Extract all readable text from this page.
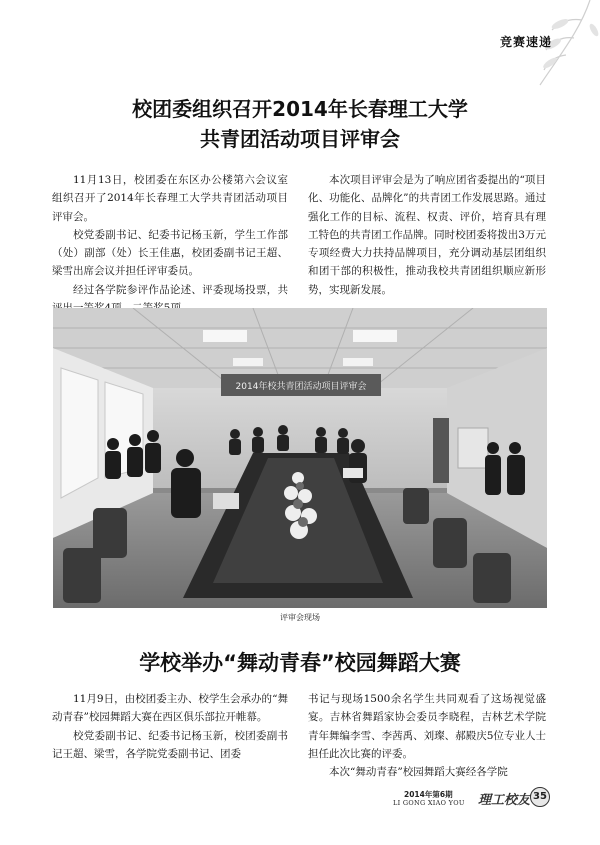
竞赛速递
校团委组织召开2014年长春理工大学
共青团活动项目评审会

11月13日，校团委在东区办公楼第六会议室组织召开了2014年长春理工大学共青团活动项目评审会。

校党委副书记、纪委书记杨玉新，学生工作部（处）副部（处）长王佳惠，校团委副书记王超、梁雪出席会议并担任评审委员。

经过各学院参评作品论述、评委现场投票，共

本次项目评审会是为了响应团省委提出的“项目化、功能化、品牌化”的共青团工作发展思路。通过强化工作的目标、流程、权责、评价，培育具有理工特色的共青团工作品牌。同时校团委将拨出3万元专项经费大力扶持品牌项目，充分调动基层团组织和团干部的积极性，推动我校共青团组织顺应新形势，实现新发展。

2014年校共青团活动项目评审会
评审会现场
学校举办“舞动青春”校园舞蹈大赛

11月9日，由校团委主办、校学生会承办的“舞动青春”校园舞蹈大赛在西区俱乐部拉开帷幕。

校党委副书记、纪委书记杨玉新，校团委副书记王超、梁雪，各学院党委副书记、团委

书记与现场1500余名学生共同观看了这场视觉盛宴。吉林省舞蹈家协会委员李晓程，吉林艺术学院青年舞编李雪、李茜禹、刘璨、郝殿庆5位专业人士担任此次比赛的评委。

本次“舞动青春”校园舞蹈大赛经各学院

2014年第6期
LI GONG XIAO YOU 理工校友 35
